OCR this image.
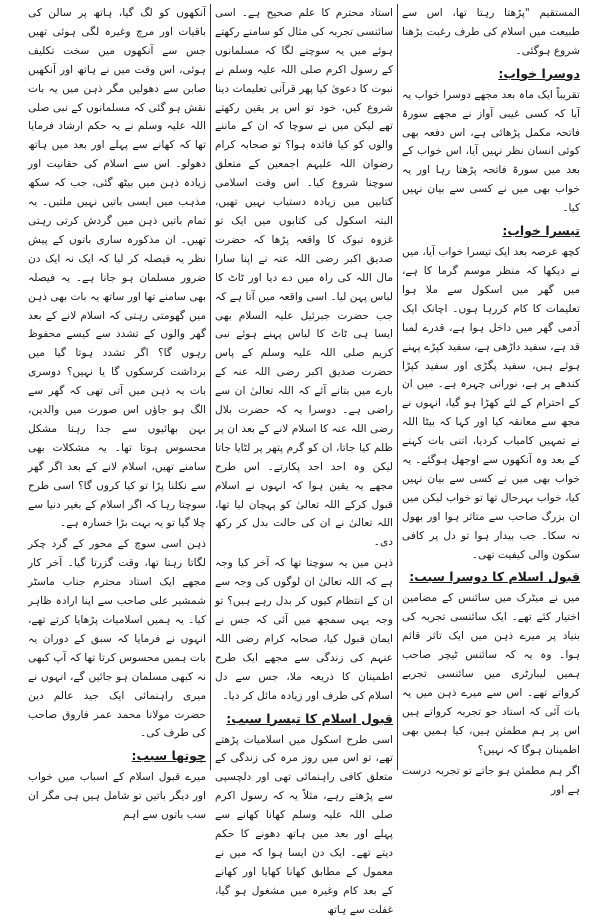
المستقیم "پڑھتا رہتا تھا، اس سے طبیعت میں اسلام کی طرف رغبت بڑھنا شروع ہوگئی۔

دوسرا خواب:

تقریباً ایک ماہ بعد مجھے دوسرا خواب یہ آیا کہ کسی غیبی آواز نے مجھے سورۃ فاتحہ مکمل پڑھائی ہے، اس دفعہ بھی کوئی انسان نظر نہیں آیا، اس خواب کے بعد میں سورۃ فاتحہ پڑھتا رہا اور یہ خواب بھی میں نے کسی سے بیان نہیں کیا۔

تیسرا خواب:

کچھ عرصہ بعد ایک تیسرا خواب آیا، میں نے دیکھا کہ منظر موسم گرما کا ہے، میں گھر میں اسکول سے ملا ہوا تعلیمات کا کام کررہا ہوں۔ اچانک ایک آدمی گھر میں داخل ہوا ہے، قدرے لمبا قد ہے، سفید داڑھی ہے، سفید کپڑے پہنے ہوئے ہیں، سفید پگڑی اور سفید کپڑا کندھے پر ہے، نورانی چہرہ ہے۔ میں ان کے احترام کے لئے کھڑا ہو گیا، انہوں نے مجھ سے معانقہ کیا اور کہا کہ بیٹا اللہ نے تمہیں کامیاب کردیا، اتنی بات کہنے کے بعد وہ آنکھوں سے اوجھل ہوگئے۔ یہ خواب بھی میں نے کسی سے بیان نہیں کیا، خواب بہرحال تھا تو خواب لیکن میں ان بزرگ صاحب سے متاثر ہوا اور بھول نہ سکا۔ جب بیدار ہوا تو دل پر کافی سکون والی کیفیت تھی۔

قبول اسلام کا دوسرا سبب:

میں نے میٹرک میں سائنس کے مضامین اختیار کئے تھے۔ ایک سائنسی تجربہ کی بنیاد پر میرے ذہن میں ایک تاثر قائم ہوا۔ وہ یہ کہ سائنس ٹیچر صاحب ہمیں لیبارٹری میں سائنسی تجربے کرواتے تھے۔ اس سے میرے ذہن میں یہ بات آئی کہ استاد جو تجربہ کرواتے ہیں اس پر ہم مطمئن ہیں، کیا ہمیں بھی اطمینان ہوگا کہ نہیں؟

اگر ہم مطمئن ہو جاتے تو تجربہ درست ہے اور

استاد محترم کا علم صحیح ہے۔ اسی سائنسی تجربہ کی مثال کو سامنے رکھتے ہوئے میں یہ سوچنے لگا کہ مسلمانوں کے رسول اکرم صلی اللہ علیہ وسلم نے نبوت کا دعویٰ کیا پھر قرآنی تعلیمات دینا شروع کیں، خود تو اس پر یقین رکھتے تھے لیکن میں نے سوچا کہ ان کے ماننے والوں کو کیا فائدہ ہوا؟ تو صحابہ کرام رضوان اللہ علیہم اجمعین کے متعلق سوچنا شروع کیا۔ اس وقت اسلامی کتابیں میں زیادہ دستیاب نہیں تھیں، البتہ اسکول کی کتابوں میں ایک تو غزوہ تبوک کا واقعہ پڑھا کہ حضرت صدیق اکبر رضی اللہ عنہ نے اپنا سارا مال اللہ کی راہ میں دے دیا اور ٹاٹ کا لباس پہن لیا۔ اسی واقعہ میں آتا ہے کہ جب حضرت جبرئیل علیہ السلام بھی ایسا ہی ٹاٹ کا لباس پہنے ہوئے نبی کریم صلی اللہ علیہ وسلم کے پاس حضرت صدیق اکبر رضی اللہ عنہ کے بارے میں بتانے آئے کہ اللہ تعالیٰ ان سے راضی ہے۔ دوسرا یہ کہ حضرت بلال رضی اللہ عنہ کا اسلام لانے کے بعد ان پر ظلم کیا جاتا، ان کو گرم پتھر پر لٹایا جاتا لیکن وہ احد احد پکارتے۔ اس طرح مجھے یہ یقین ہوا کہ انہوں نے اسلام قبول کرکے اللہ تعالیٰ کو پہچان لیا تھا، اللہ تعالیٰ نے ان کی حالت بدل کر رکھ دی۔

ذہن میں یہ سوچتا تھا کہ آخر کیا وجہ ہے کہ اللہ تعالیٰ ان لوگوں کی وجہ سے ان کے انتظام کیوں کر بدل رہے ہیں؟ تو وجہ یہی سمجھ میں آئی کہ جس نے ایمان قبول کیا، صحابہ کرام رضی اللہ عنہم کی زندگی سے مجھے ایک طرح اطمینان کا ذریعہ ملا، جس سے دل اسلام کی طرف اور زیادہ مائل کر دیا۔

قبول اسلام کا تیسرا سبب:

اسی طرح اسکول میں اسلامیات پڑھتے تھے، تو اس میں روز مرہ کی زندگی کے متعلق کافی راہنمائی تھی اور دلچسپی سے پڑھتے رہے، مثلاً یہ کہ رسول اکرم صلی اللہ علیہ وسلم کھانا کھانے سے پہلے اور بعد میں ہاتھ دھونے کا حکم دیتے تھے۔ ایک دن ایسا ہوا کہ میں نے معمول کے مطابق کھانا کھایا اور کھانے کے بعد کام وغیرہ میں مشغول ہو گیا، غفلت سے ہاتھ

آنکھوں کو لگ گیا، ہاتھ پر سالن کی باقیات اور مرچ وغیرہ لگی ہوئی تھیں جس سے آنکھوں میں سخت تکلیف ہوئی، اس وقت میں نے ہاتھ اور آنکھیں صابن سے دھولیں مگر ذہن میں یہ بات نقش ہو گئی کہ مسلمانوں کے نبی صلی اللہ علیہ وسلم نے یہ حکم ارشاد فرمایا تھا کہ کھانے سے پہلے اور بعد میں ہاتھ دھولو۔ اس سے اسلام کی حقانیت اور زیادہ ذہن میں بیٹھ گئی، جب کہ سکھ مذہب میں ایسی باتیں نہیں ملتیں۔ یہ تمام باتیں ذہن میں گردش کرتی رہتی تھیں۔ ان مذکورہ ساری باتوں کے پیش نظر یہ فیصلہ کر لیا کہ ایک نہ ایک دن ضرور مسلمان ہو جانا ہے۔ یہ فیصلہ بھی سامنے تھا اور ساتھ یہ بات بھی ذہن میں گھومتی رہتی کہ اسلام لانے کے بعد گھر والوں کے تشدد سے کیسے محفوظ رہوں گا؟ اگر تشدد ہوتا گیا میں برداشت کرسکوں گا یا نہیں؟ دوسری بات یہ ذہن میں آتی تھی کہ گھر سے الگ ہو جاؤں اس صورت میں والدین، بہن بھائیوں سے جدا رہنا مشکل محسوس ہوتا تھا۔ یہ مشکلات بھی سامنے تھیں، اسلام لانے کے بعد اگر گھر سے نکلنا پڑا تو کیا کروں گا؟ اسی طرح سوچتا رہا کہ اگر اسلام کے بغیر دنیا سے چلا گیا تو یہ بہت بڑا خسارہ ہے۔

ذہن اسی سوچ کے محور کے گرد چکر لگاتا رہتا تھا، وقت گزرتا گیا۔ آخر کار مجھے ایک استاد محترم جناب ماسٹر شمشیر علی صاحب سے اپنا ارادہ ظاہر کیا۔ یہ ہمیں اسلامیات پڑھایا کرتے تھے، انہوں نے فرمایا کہ سبق کے دوران یہ بات ہمیں محسوس کرتا تھا کہ آپ کبھی نہ کبھی مسلمان ہو جائیں گے، انہوں نے میری راہنمائی ایک جید عالم دین حضرت مولانا محمد عمر فاروق صاحب کی طرف کی۔

چوتھا سبب:

میرے قبول اسلام کے اسباب میں خواب اور دیگر باتیں تو شامل ہیں ہی مگر ان سب باتوں سے اہم
